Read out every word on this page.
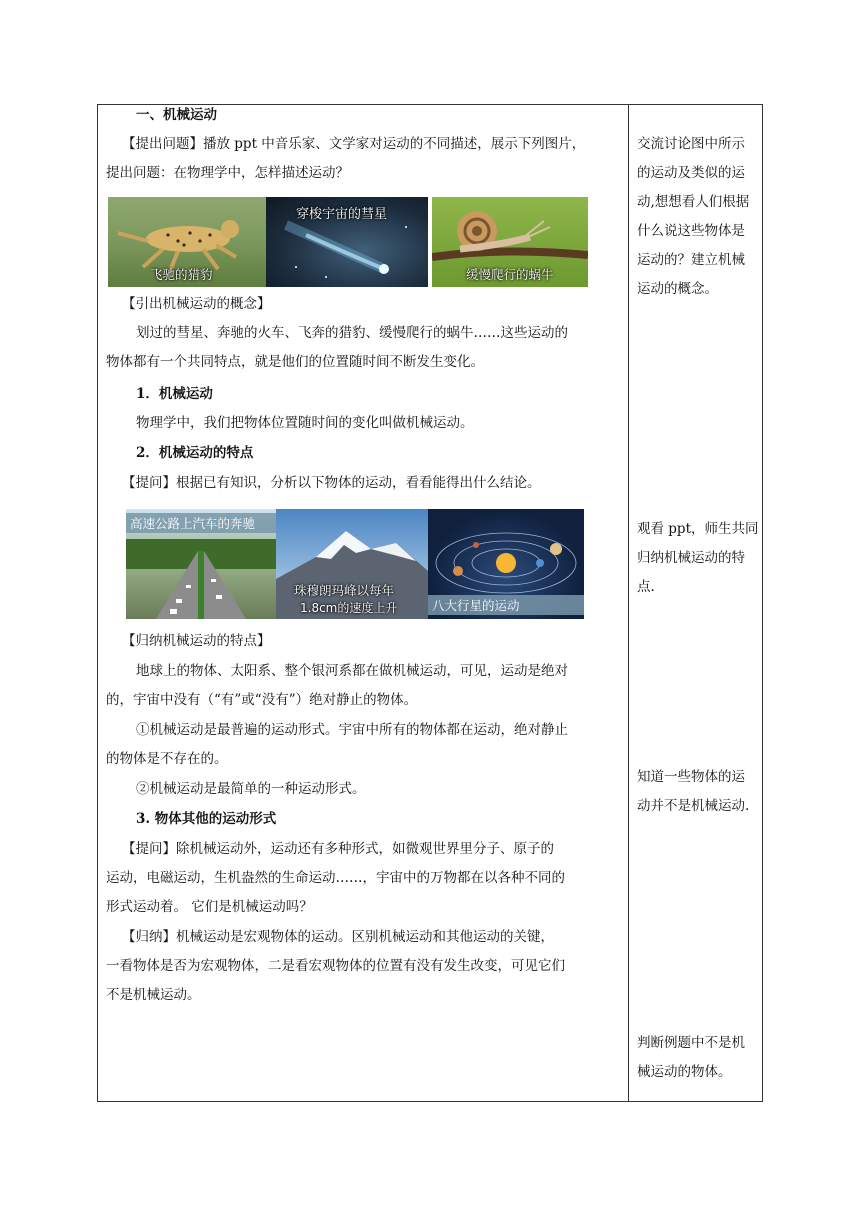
一、机械运动
【提出问题】播放 ppt 中音乐家、文学家对运动的不同描述，展示下列图片，
提出问题：在物理学中，怎样描述运动？
飞驰的猎豹
穿梭宇宙的彗星
缓慢爬行的蜗牛
【引出机械运动的概念】
划过的彗星、奔驰的火车、飞奔的猎豹、缓慢爬行的蜗牛……这些运动的
物体都有一个共同特点，就是他们的位置随时间不断发生变化。
1．机械运动
物理学中，我们把物体位置随时间的变化叫做机械运动。
2．机械运动的特点
【提问】根据已有知识，分析以下物体的运动，看看能得出什么结论。
高速公路上汽车的奔驰
珠穆朗玛峰以每年
1.8cm的速度上升	八大行星的运动
【归纳机械运动的特点】
地球上的物体、太阳系、整个银河系都在做机械运动，可见，运动是绝对
的，宇宙中没有（“有”或“没有”）绝对静止的物体。
①机械运动是最普遍的运动形式。宇宙中所有的物体都在运动，绝对静止
的物体是不存在的。
②机械运动是最简单的一种运动形式。
3. 物体其他的运动形式
【提问】除机械运动外，运动还有多种形式，如微观世界里分子、原子的
运动，电磁运动，生机盎然的生命运动……，宇宙中的万物都在以各种不同的
形式运动着。 它们是机械运动吗？
【归纳】机械运动是宏观物体的运动。区别机械运动和其他运动的关键，
一看物体是否为宏观物体，二是看宏观物体的位置有没有发生改变，可见它们
不是机械运动。
交流讨论图中所示
的运动及类似的运
动,想想看人们根据
什么说这些物体是
运动的？建立机械
运动的概念。
观看 ppt，师生共同
归纳机械运动的特
点.
知道一些物体的运
动并不是机械运动.
判断例题中不是机
械运动的物体。
